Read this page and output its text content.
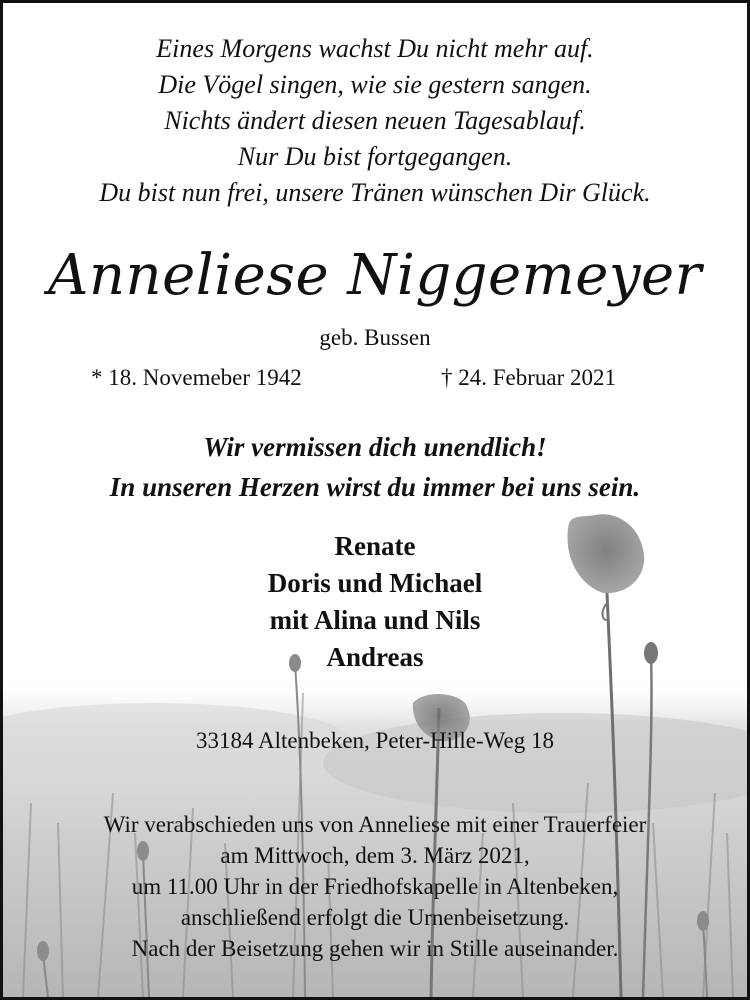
Eines Morgens wachst Du nicht mehr auf.
Die Vögel singen, wie sie gestern sangen.
Nichts ändert diesen neuen Tagesablauf.
Nur Du bist fortgegangen.
Du bist nun frei, unsere Tränen wünschen Dir Glück.
Anneliese Niggemeyer
geb. Bussen
* 18. Novemeber 1942	† 24. Februar 2021
Wir vermissen dich unendlich!
In unseren Herzen wirst du immer bei uns sein.
Renate
Doris und Michael
mit Alina und Nils
Andreas
33184 Altenbeken, Peter-Hille-Weg 18
Wir verabschieden uns von Anneliese mit einer Trauerfeier
am Mittwoch, dem 3. März 2021,
um 11.00 Uhr in der Friedhofskapelle in Altenbeken,
anschließend erfolgt die Urnenbeisetzung.
Nach der Beisetzung gehen wir in Stille auseinander.
